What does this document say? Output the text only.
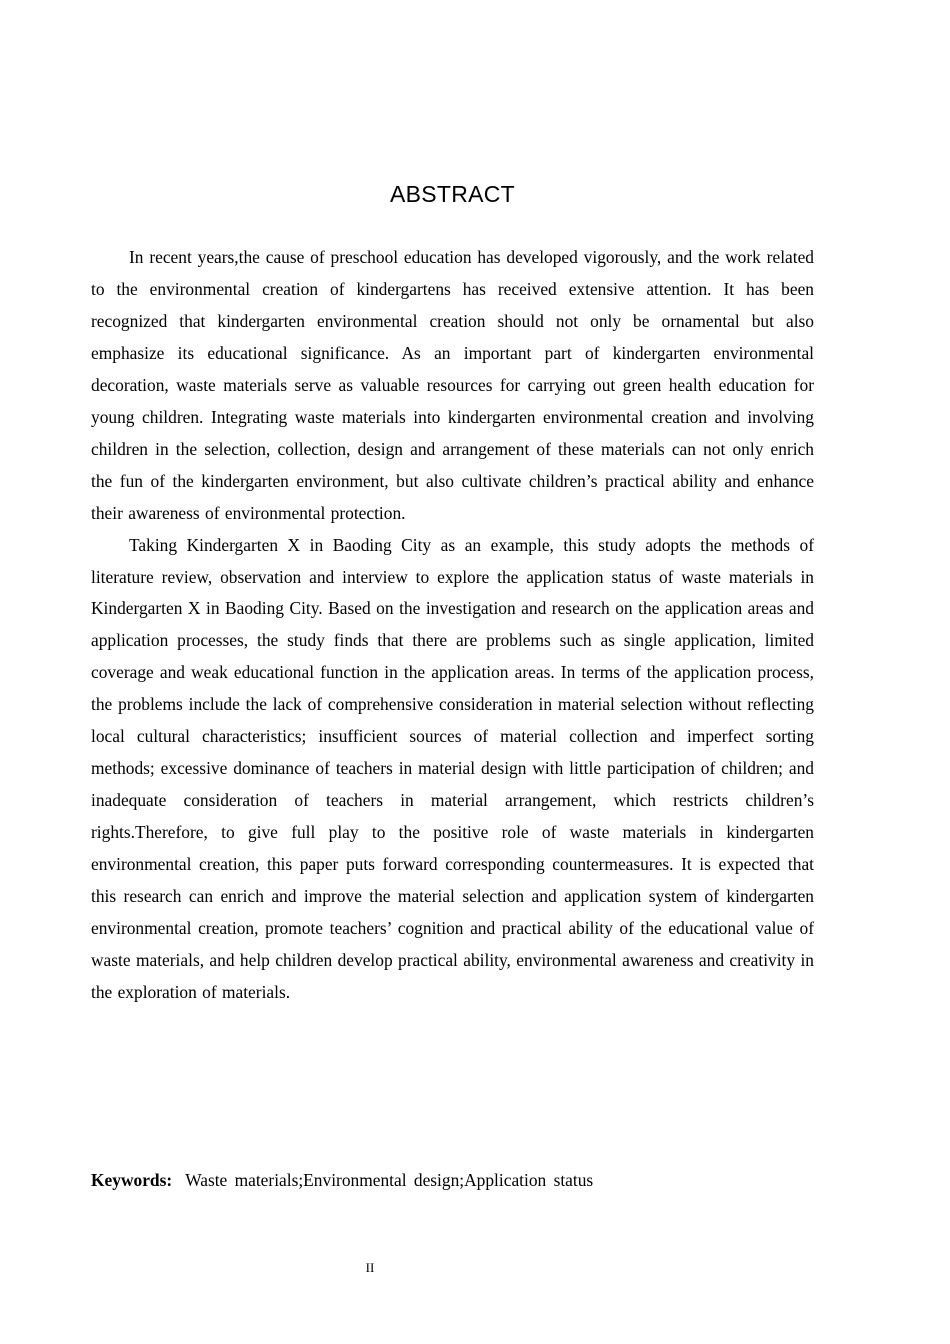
ABSTRACT

In recent years,the cause of preschool education has developed vigorously, and the work related to the environmental creation of kindergartens has received extensive attention. It has been recognized that kindergarten environmental creation should not only be ornamental but also emphasize its educational significance. As an important part of kindergarten environmental decoration, waste materials serve as valuable resources for carrying out green health education for young children. Integrating waste materials into kindergarten environmental creation and involving children in the selection, collection, design and arrangement of these materials can not only enrich the fun of the kindergarten environment, but also cultivate children’s practical ability and enhance their awareness of environmental protection.

Taking Kindergarten X in Baoding City as an example, this study adopts the methods of literature review, observation and interview to explore the application status of waste materials in Kindergarten X in Baoding City. Based on the investigation and research on the application areas and application processes, the study finds that there are problems such as single application, limited coverage and weak educational function in the application areas. In terms of the application process, the problems include the lack of comprehensive consideration in material selection without reflecting local cultural characteristics; insufficient sources of material collection and imperfect sorting methods; excessive dominance of teachers in material design with little participation of children; and inadequate consideration of teachers in material arrangement, which restricts children’s rights.Therefore, to give full play to the positive role of waste materials in kindergarten environmental creation, this paper puts forward corresponding countermeasures. It is expected that this research can enrich and improve the material selection and application system of kindergarten environmental creation, promote teachers’ cognition and practical ability of the educational value of waste materials, and help children develop practical ability, environmental awareness and creativity in the exploration of materials.

Keywords: Waste materials;Environmental design;Application status
II
